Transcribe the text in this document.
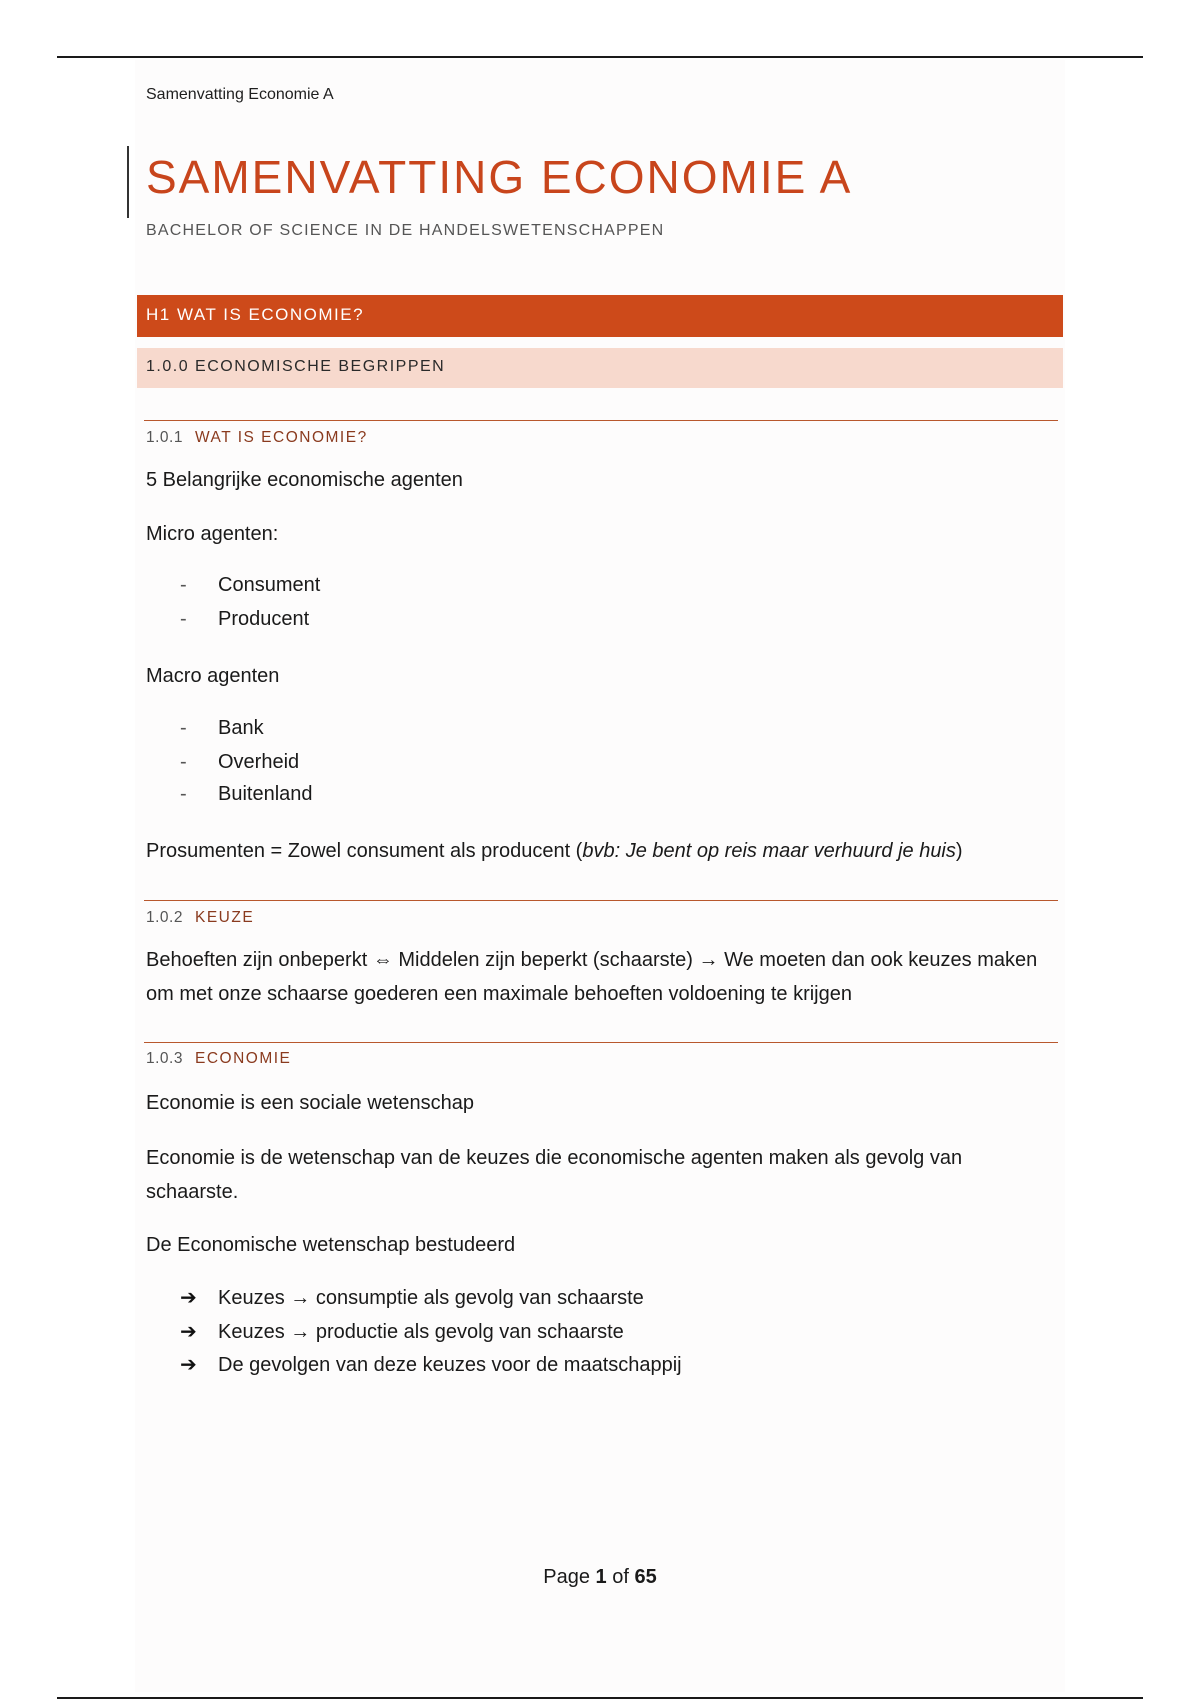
Samenvatting Economie A
SAMENVATTING ECONOMIE A
BACHELOR OF SCIENCE IN DE HANDELSWETENSCHAPPEN
H1 WAT IS ECONOMIE?
1.0.0 ECONOMISCHE BEGRIPPEN
1.0.1 WAT IS ECONOMIE?
5 Belangrijke economische agenten
Micro agenten:
- Consument
- Producent
Macro agenten
- Bank
- Overheid
- Buitenland
Prosumenten = Zowel consument als producent (bvb: Je bent op reis maar verhuurd je huis)
1.0.2 KEUZE
Behoeften zijn onbeperkt ⇔ Middelen zijn beperkt (schaarste) → We moeten dan ook keuzes maken om met onze schaarse goederen een maximale behoeften voldoening te krijgen
1.0.3 ECONOMIE
Economie is een sociale wetenschap
Economie is de wetenschap van de keuzes die economische agenten maken als gevolg van schaarste.
De Economische wetenschap bestudeerd
➔ Keuzes → consumptie als gevolg van schaarste
➔ Keuzes → productie als gevolg van schaarste
➔ De gevolgen van deze keuzes voor de maatschappij
Page 1 of 65
